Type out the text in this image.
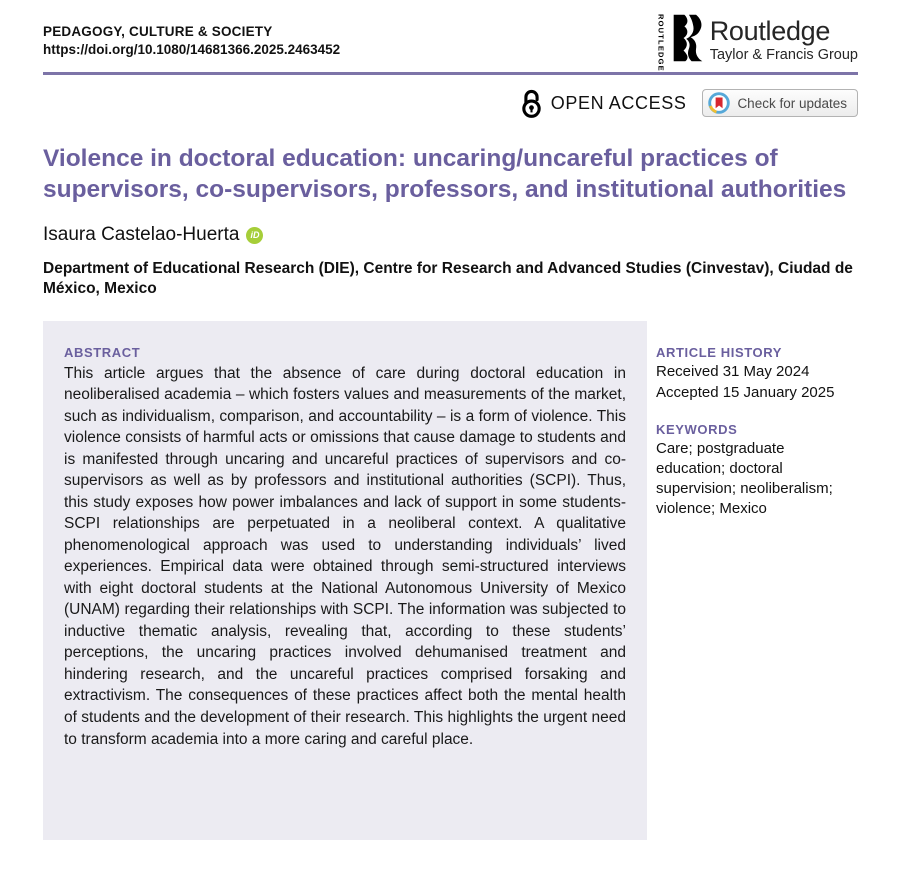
PEDAGOGY, CULTURE & SOCIETY
https://doi.org/10.1080/14681366.2025.2463452	ROUTLEDGE Routledge
Taylor & Francis Group
OPEN ACCESS	Check for updates
Violence in doctoral education: uncaring/uncareful practices of supervisors, co-supervisors, professors, and institutional authorities
Isaura Castelao-Huerta	iD
Department of Educational Research (DIE), Centre for Research and Advanced Studies (Cinvestav), Ciudad de México, Mexico
ABSTRACT
This article argues that the absence of care during doctoral education in neoliberalised academia – which fosters values and measurements of the market, such as individualism, comparison, and accountability – is a form of violence. This violence consists of harmful acts or omissions that cause damage to students and is manifested through uncaring and uncareful practices of supervisors and co-supervisors as well as by professors and institutional authorities (SCPI). Thus, this study exposes how power imbalances and lack of support in some students-SCPI relationships are perpetuated in a neoliberal context. A qualitative phenomenological approach was used to understanding individuals’ lived experiences. Empirical data were obtained through semi-structured interviews with eight doctoral students at the National Autonomous University of Mexico (UNAM) regarding their relationships with SCPI. The information was subjected to inductive thematic analysis, revealing that, according to these students’ perceptions, the uncaring practices involved dehumanised treatment and hindering research, and the uncareful practices comprised forsaking and extractivism. The consequences of these practices affect both the mental health of students and the development of their research. This highlights the urgent need to transform academia into a more caring and careful place.
ARTICLE HISTORY
Received 31 May 2024
Accepted 15 January 2025
KEYWORDS
Care; postgraduate education; doctoral supervision; neoliberalism; violence; Mexico
